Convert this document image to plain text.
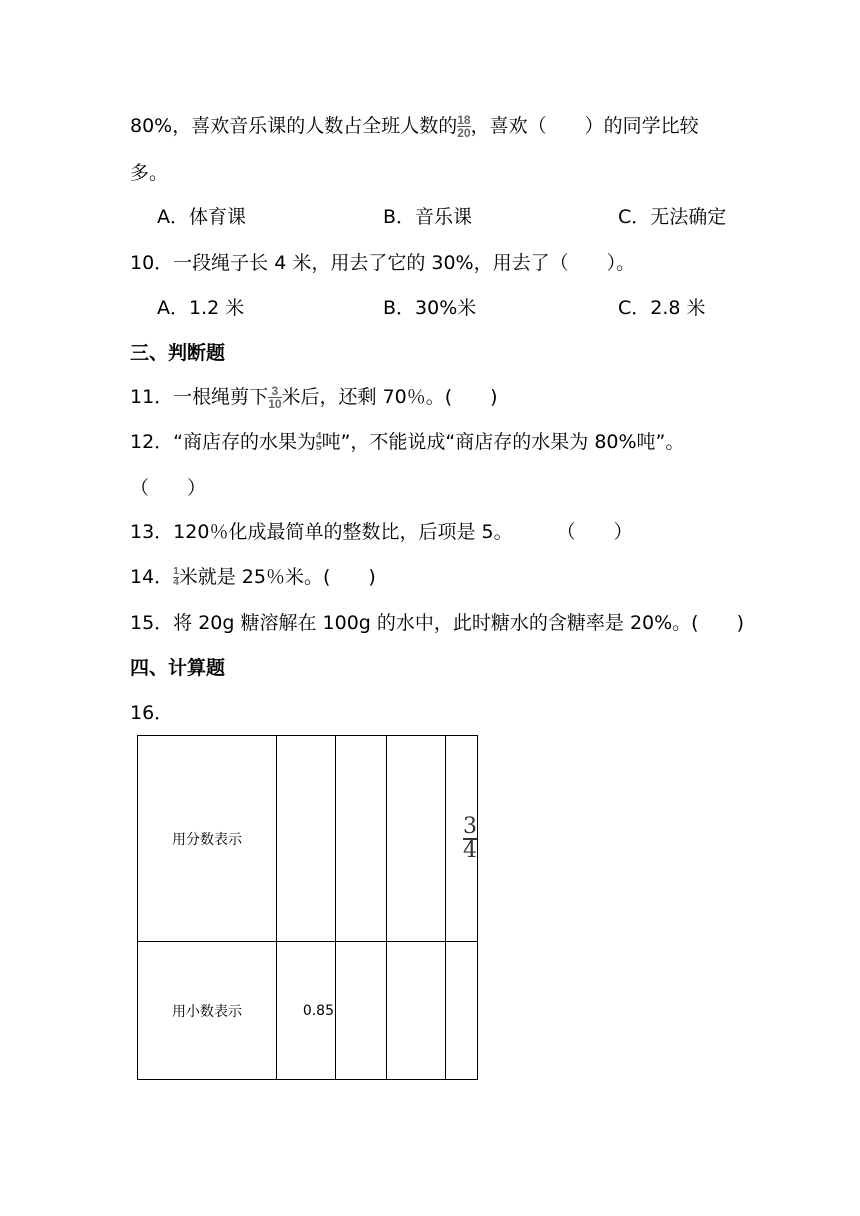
80%，喜欢音乐课的人数占全班人数的 $\frac{18}{20}$ ，喜欢（　　）的同学比较
多。
A．体育课	B．音乐课	C．无法确定
10．一段绳子长 4 米，用去了它的 30%，用去了（　　）。
A．1.2 米	B．30%米	C．2.8 米
三、判断题
11．一根绳剪下 $\frac{3}{10}$ 米后，还剩 70％。(　　)
12．“商店存的水果为 $\frac{4}{5}$ 吨”，不能说成“商店存的水果为 80%吨”。
（　　）
13．120％化成最简单的整数比，后项是 5。 （　　）
14． $\frac{1}{4}$ 米就是 25％米。(　　)
15．将 20g 糖溶解在 100g 的水中，此时糖水的含糖率是 20%。(　　)
四、计算题
16．
用分数表示				$\frac{3}{4}$

用小数表示	0.85			
